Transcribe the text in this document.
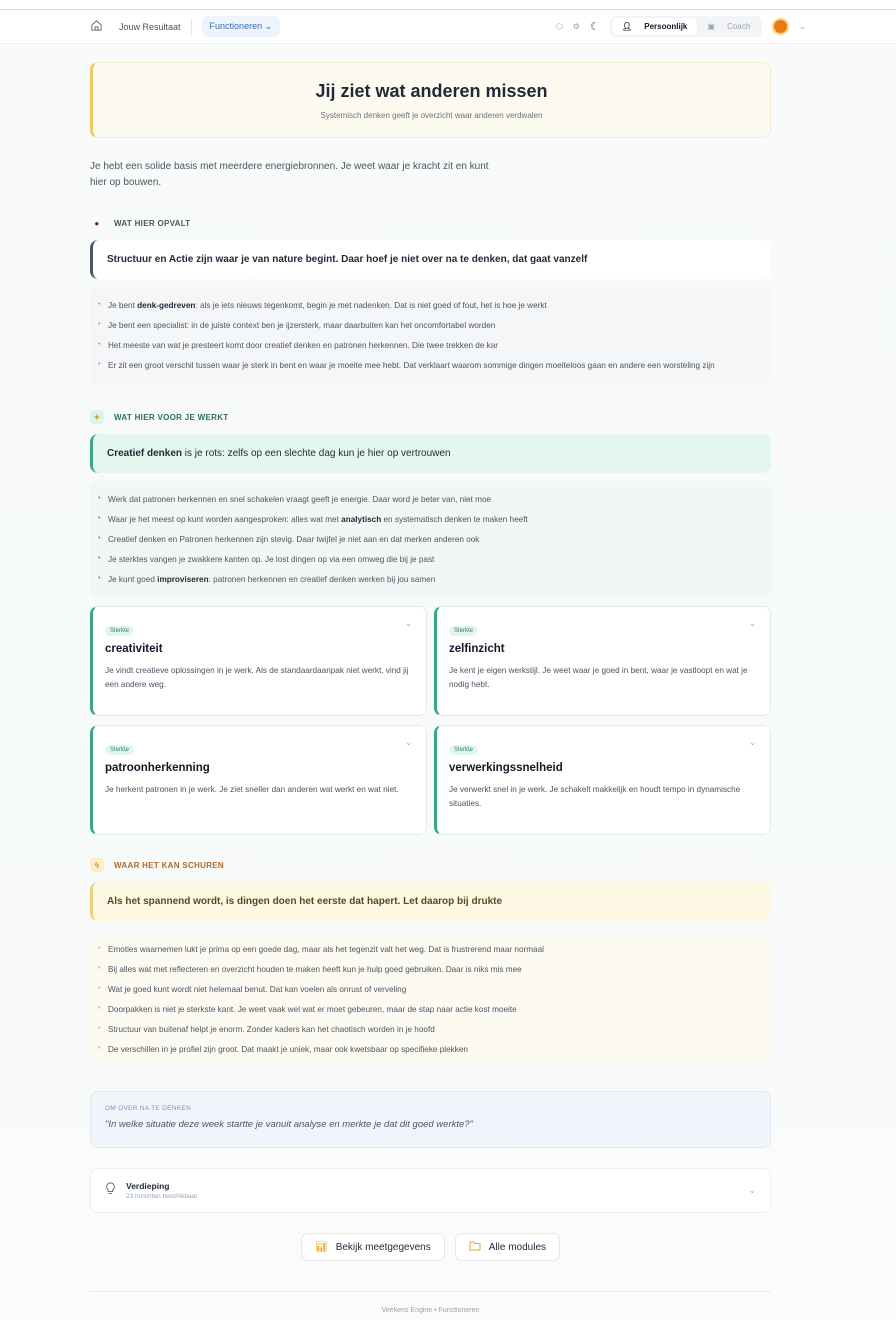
Jouw Resultaat	Functioneren ⌄	⬡ ⚙ ☾	👤︎ Persoonlijk	▣ Coach	⌄
Jij ziet wat anderen missen

Systemisch denken geeft je overzicht waar anderen verdwalen

Je hebt een solide basis met meerdere energiebronnen. Je weet waar je kracht zit en kunt hier op bouwen.

●	WAT HIER OPVALT
Structuur en Actie zijn waar je van nature begint. Daar hoef je niet over na te denken, dat gaat vanzelf
• Je bent denk-gedreven: als je iets nieuws tegenkomt, begin je met nadenken. Dat is niet goed of fout, het is hoe je werkt
• Je bent een specialist: in de juiste context ben je ijzersterk, maar daarbuiten kan het oncomfortabel worden
• Het meeste van wat je presteert komt door creatief denken en patronen herkennen. Die twee trekken de kar
• Er zit een groot verschil tussen waar je sterk in bent en waar je moeite mee hebt. Dat verklaart waarom sommige dingen moeiteloos gaan en andere een worsteling zijn
✦	WAT HIER VOOR JE WERKT
Creatief denken is je rots: zelfs op een slechte dag kun je hier op vertrouwen
• Werk dat patronen herkennen en snel schakelen vraagt geeft je energie. Daar word je beter van, niet moe
• Waar je het meest op kunt worden aangesproken: alles wat met analytisch en systematisch denken te maken heeft
• Creatief denken en Patronen herkennen zijn stevig. Daar twijfel je niet aan en dat merken anderen ook
• Je sterktes vangen je zwakkere kanten op. Je lost dingen op via een omweg die bij je past
• Je kunt goed improviseren: patronen herkennen en creatief denken werken bij jou samen
Sterkte
⌄
creativiteit

Je vindt creatieve oplossingen in je werk. Als de standaardaanpak niet werkt, vind jij een andere weg.

Sterkte
⌄
zelfinzicht

Je kent je eigen werkstijl. Je weet waar je goed in bent, waar je vastloopt en wat je nodig hebt.

Sterkte
⌄
patroonherkenning

Je herkent patronen in je werk. Je ziet sneller dan anderen wat werkt en wat niet.

Sterkte
⌄
verwerkingssnelheid

Je verwerkt snel in je werk. Je schakelt makkelijk en houdt tempo in dynamische situaties.

ϟ	WAAR HET KAN SCHUREN
Als het spannend wordt, is dingen doen het eerste dat hapert. Let daarop bij drukte
• Emoties waarnemen lukt je prima op een goede dag, maar als het tegenzit valt het weg. Dat is frustrerend maar normaal
• Bij alles wat met reflecteren en overzicht houden te maken heeft kun je hulp goed gebruiken. Daar is niks mis mee
• Wat je goed kunt wordt niet helemaal benut. Dat kan voelen als onrust of verveling
• Doorpakken is niet je sterkste kant. Je weet vaak wel wat er moet gebeuren, maar de stap naar actie kost moeite
• Structuur van buitenaf helpt je enorm. Zonder kaders kan het chaotisch worden in je hoofd
• De verschillen in je profiel zijn groot. Dat maakt je uniek, maar ook kwetsbaar op specifieke plekken
OM OVER NA TE DENKEN
"In welke situatie deze week startte je vanuit analyse en merkte je dat dit goed werkte?"
Verdieping
23 inzichten beschikbaar
⌄
📊︎ Bekijk meetgegevens	Alle modules
Veekens Engine • Functioneren
